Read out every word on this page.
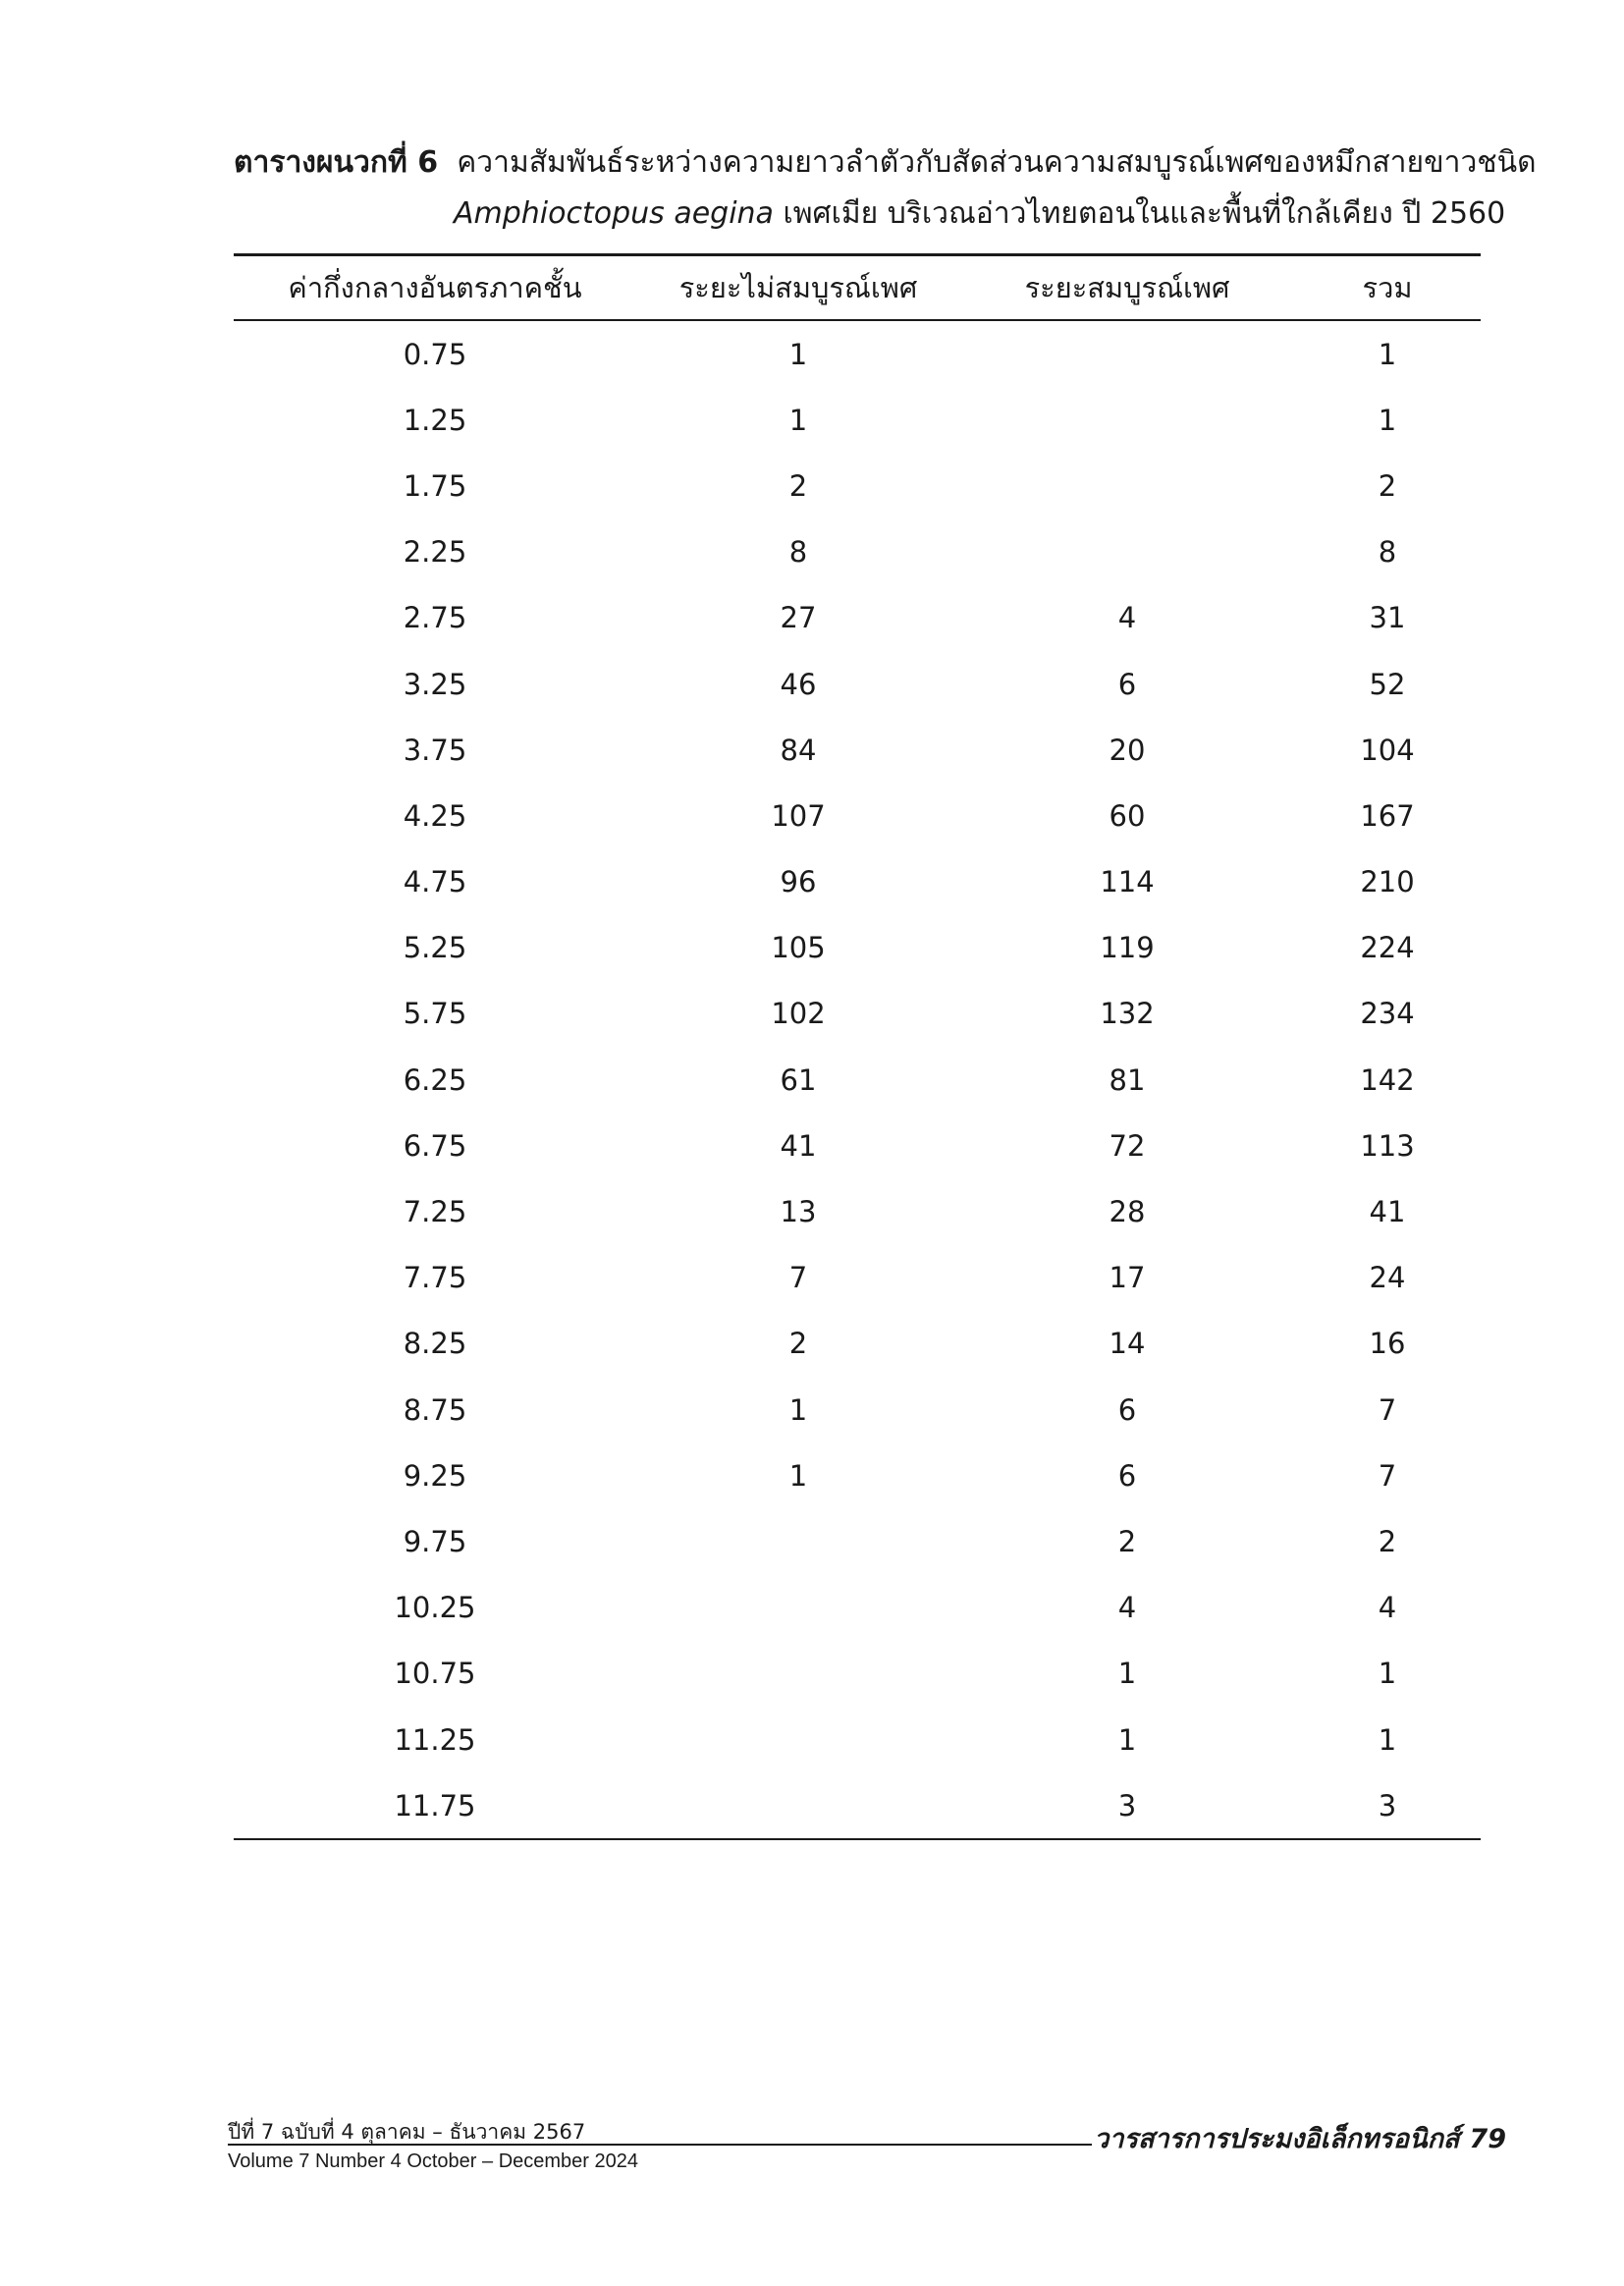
ตารางผนวกที่ 6 ความสัมพันธ์ระหว่างความยาวลำตัวกับสัดส่วนความสมบูรณ์เพศของหมึกสายขาวชนิด
Amphioctopus aegina เพศเมีย บริเวณอ่าวไทยตอนในและพื้นที่ใกล้เคียง ปี 2560
ค่ากึ่งกลางอันตรภาคชั้น	ระยะไม่สมบูรณ์เพศ	ระยะสมบูรณ์เพศ	รวม
0.75	1		1
1.25	1		1
1.75	2		2
2.25	8		8
2.75	27	4	31
3.25	46	6	52
3.75	84	20	104
4.25	107	60	167
4.75	96	114	210
5.25	105	119	224
5.75	102	132	234
6.25	61	81	142
6.75	41	72	113
7.25	13	28	41
7.75	7	17	24
8.25	2	14	16
8.75	1	6	7
9.25	1	6	7
9.75		2	2
10.25		4	4
10.75		1	1
11.25		1	1
11.75		3	3
ปีที่ 7 ฉบับที่ 4 ตุลาคม – ธันวาคม 2567
Volume 7 Number 4 October – December 2024
วารสารการประมงอิเล็กทรอนิกส์ 79
